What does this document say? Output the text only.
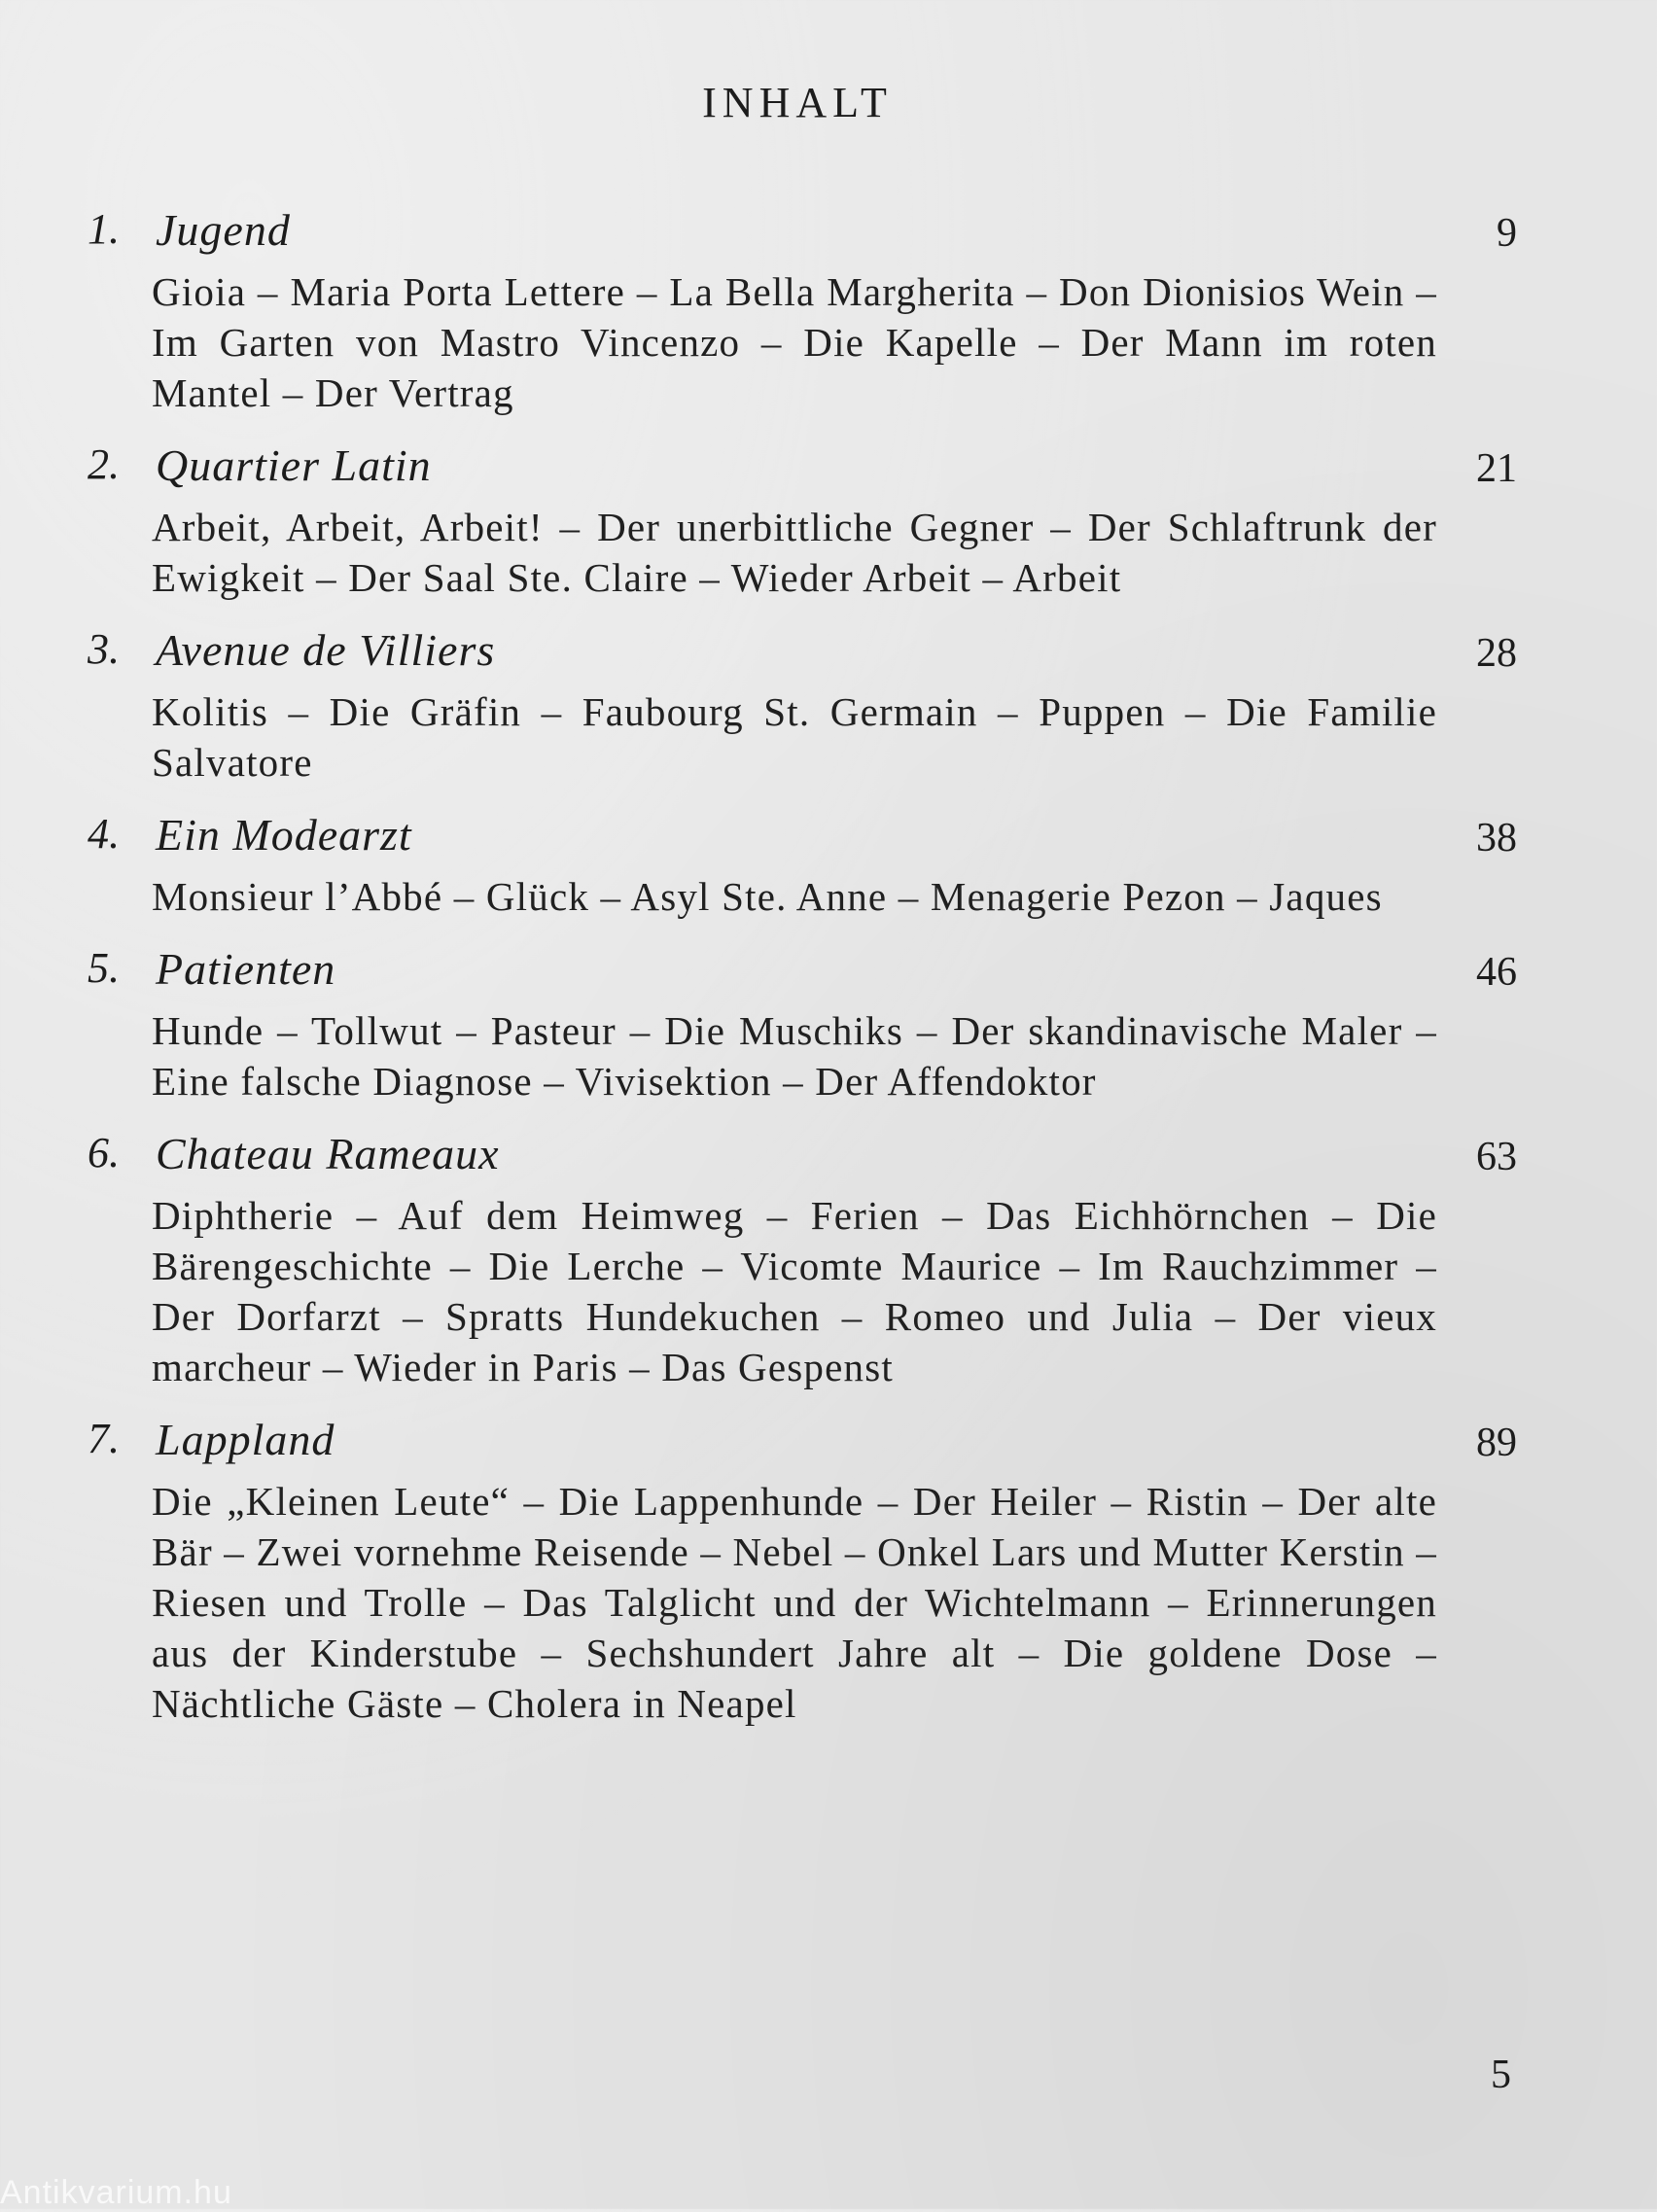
INHALT
1. Jugend	9
Gioia – Maria Porta Lettere – La Bella Margherita – Don Dionisios Wein – Im Garten von Mastro Vincenzo – Die Kapelle – Der Mann im roten Mantel – Der Vertrag
2. Quartier Latin	21
Arbeit, Arbeit, Arbeit! – Der unerbittliche Gegner – Der Schlaftrunk der Ewigkeit – Der Saal Ste. Claire – Wieder Arbeit – Arbeit
3. Avenue de Villiers	28
Kolitis – Die Gräfin – Faubourg St. Germain – Puppen – Die Familie Salvatore
4. Ein Modearzt	38
Monsieur l’Abbé – Glück – Asyl Ste. Anne – Menagerie Pezon – Jaques
5. Patienten	46
Hunde – Tollwut – Pasteur – Die Muschiks – Der skandinavische Maler – Eine falsche Diagnose – Vivisektion – Der Affendoktor
6. Chateau Rameaux	63
Diphtherie – Auf dem Heimweg – Ferien – Das Eichhörnchen – Die Bärengeschichte – Die Lerche – Vicomte Maurice – Im Rauchzimmer – Der Dorfarzt – Spratts Hundekuchen – Romeo und Julia – Der vieux marcheur – Wieder in Paris – Das Gespenst
7. Lappland	89
Die „Kleinen Leute“ – Die Lappenhunde – Der Heiler – Ristin – Der alte Bär – Zwei vornehme Reisende – Nebel – Onkel Lars und Mutter Kerstin – Riesen und Trolle – Das Talglicht und der Wichtelmann – Erinnerungen aus der Kinderstube – Sechshundert Jahre alt – Die goldene Dose – Nächtliche Gäste – Cholera in Neapel
5
Antikvarium.hu
